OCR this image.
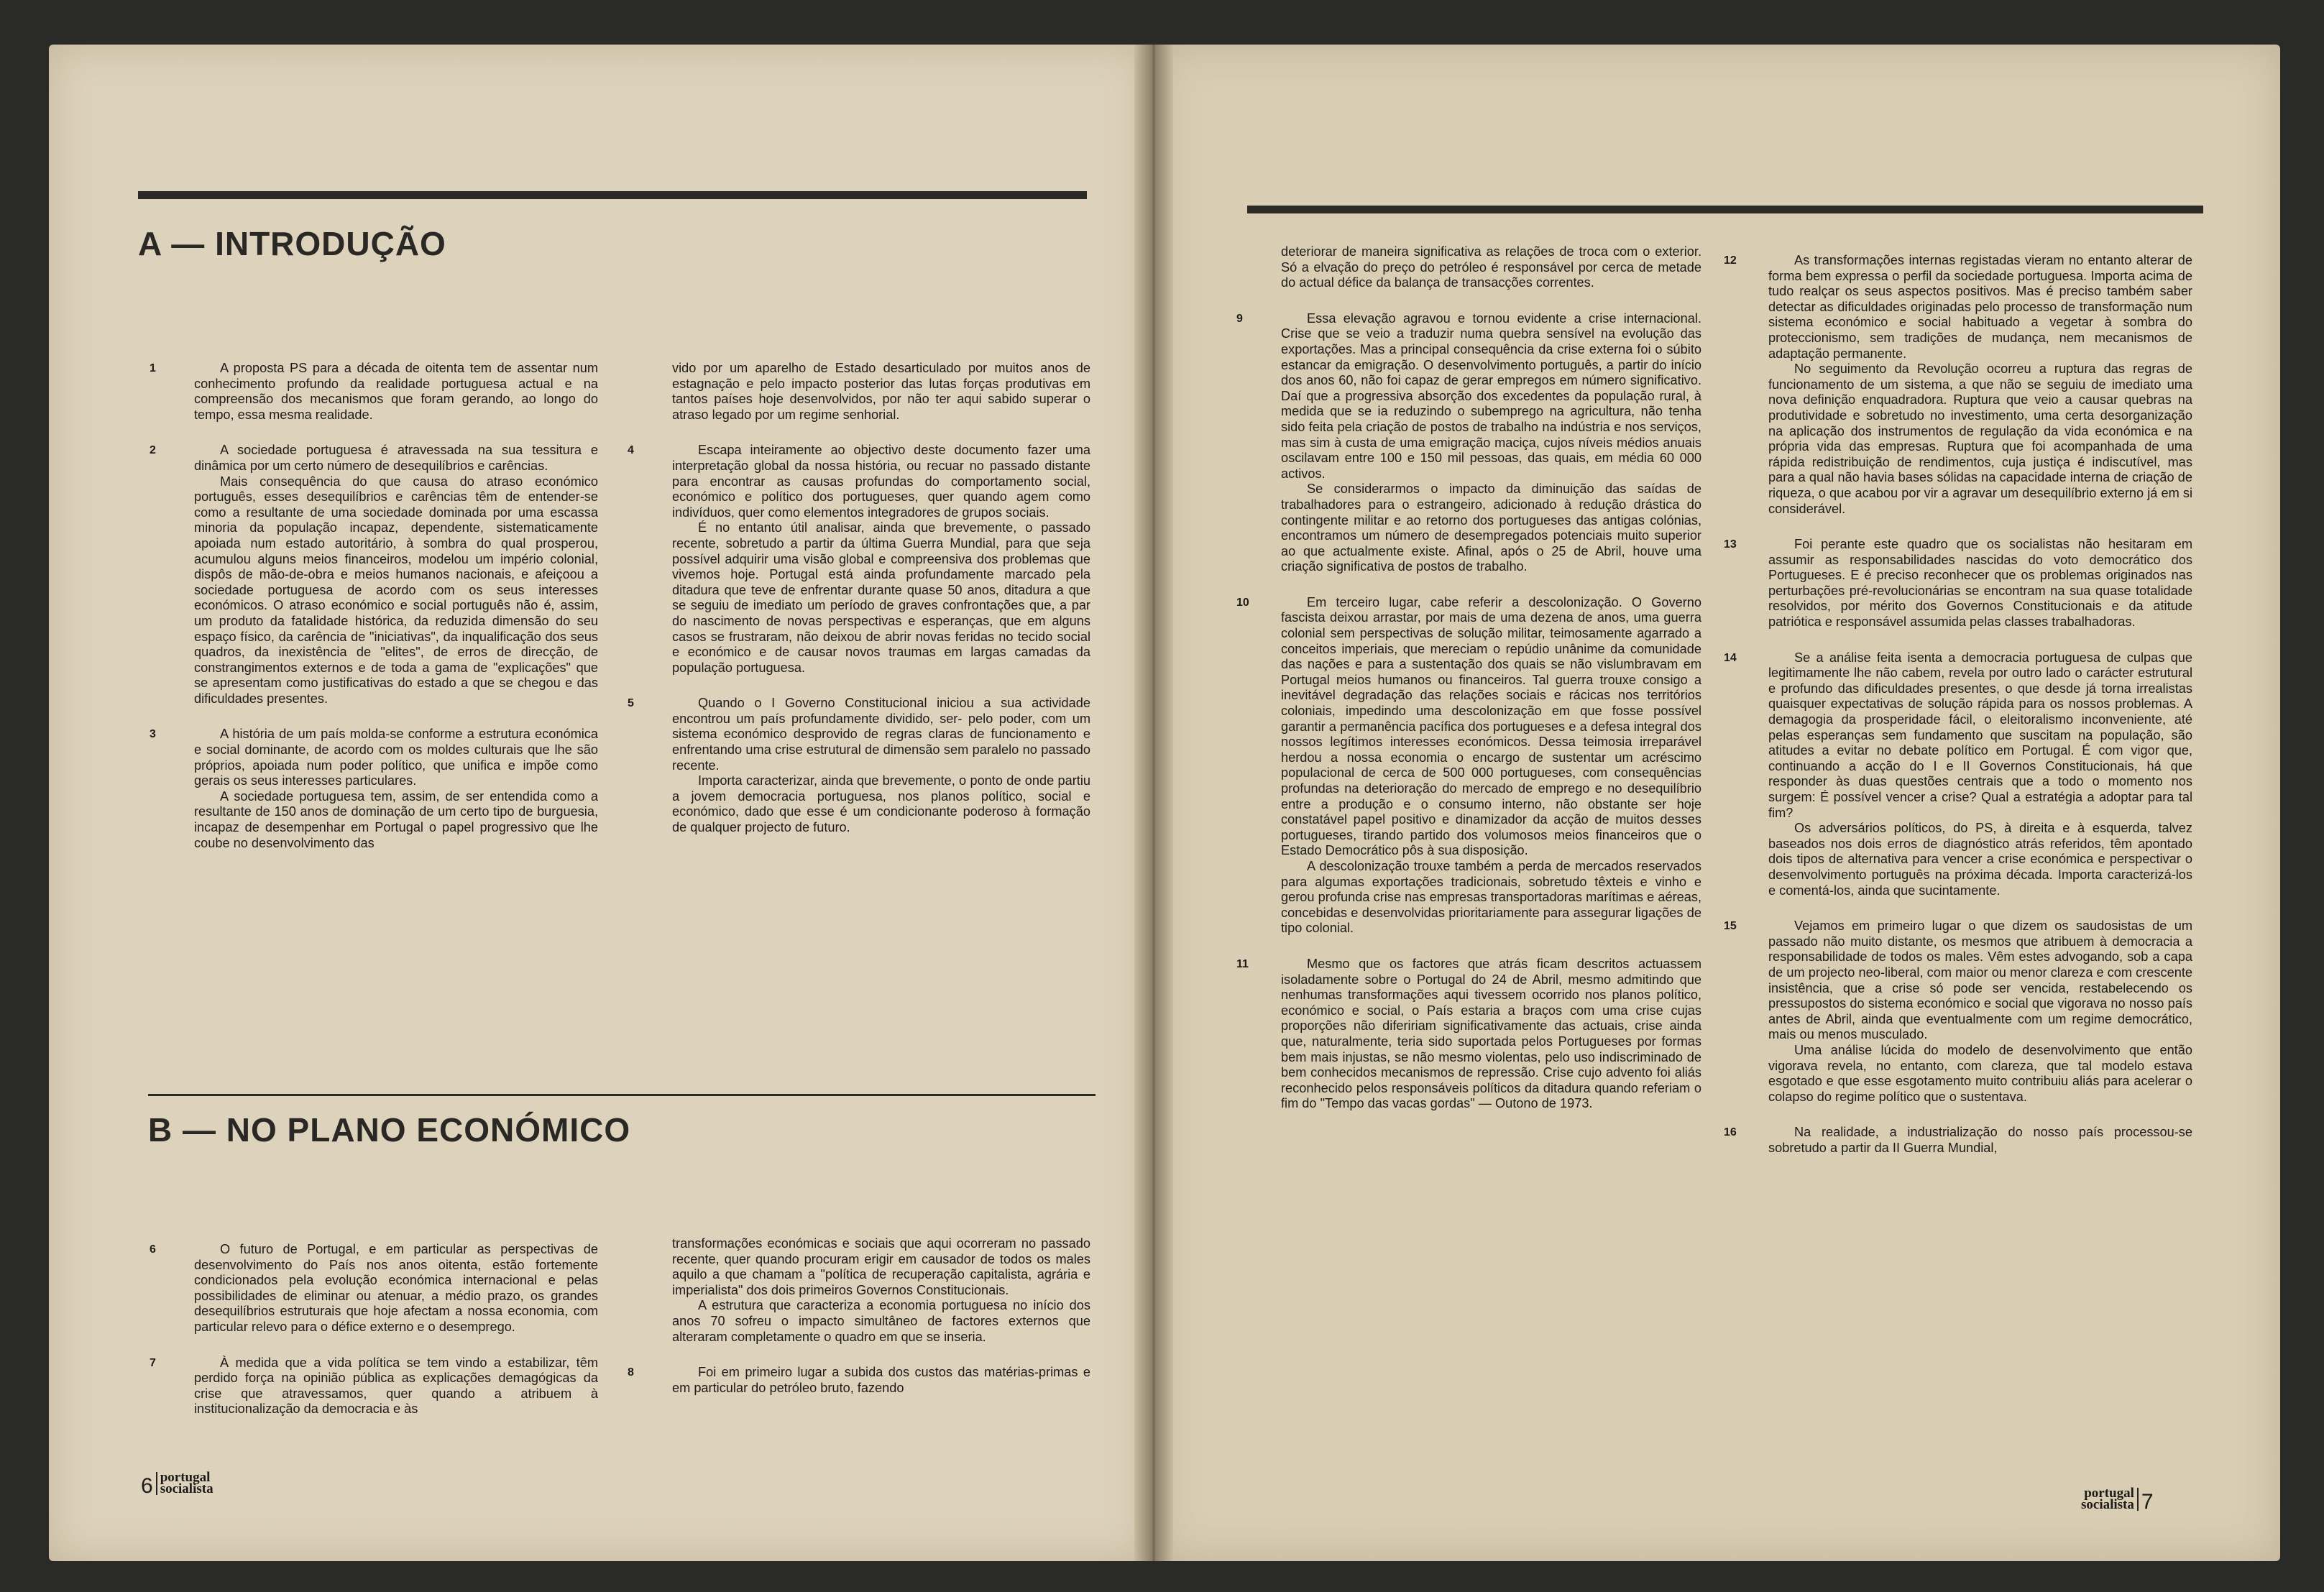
A — INTRODUÇÃO
1	A proposta PS para a década de oitenta tem de assentar num conhecimento profundo da realidade portuguesa actual e na compreensão dos mecanismos que foram gerando, ao longo do tempo, essa mesma realidade.

2	A sociedade portuguesa é atravessada na sua tessitura e dinâmica por um certo número de desequilíbrios e carências.

Mais consequência do que causa do atraso económico português, esses desequilíbrios e carências têm de entender-se como a resultante de uma sociedade dominada por uma escassa minoria da população incapaz, dependente, sistematicamente apoiada num estado autoritário, à sombra do qual prosperou, acumulou alguns meios financeiros, modelou um império colonial, dispôs de mão-de-obra e meios humanos nacionais, e afeiçoou a sociedade portuguesa de acordo com os seus interesses económicos. O atraso económico e social português não é, assim, um produto da fatalidade histórica, da reduzida dimensão do seu espaço físico, da carência de "iniciativas", da inqualificação dos seus quadros, da inexistência de "elites", de erros de direcção, de constrangimentos externos e de toda a gama de "explicações" que se apresentam como justificativas do estado a que se chegou e das dificuldades presentes.

3	A história de um país molda-se conforme a estrutura económica e social dominante, de acordo com os moldes culturais que lhe são próprios, apoiada num poder político, que unifica e impõe como gerais os seus interesses particulares.

A sociedade portuguesa tem, assim, de ser entendida como a resultante de 150 anos de dominação de um certo tipo de burguesia, incapaz de desempenhar em Portugal o papel progressivo que lhe coube no desenvolvimento das

vido por um aparelho de Estado desarticulado por muitos anos de estagnação e pelo impacto posterior das lutas forças produtivas em tantos países hoje desenvolvidos, por não ter aqui sabido superar o atraso legado por um regime senhorial.

4	Escapa inteiramente ao objectivo deste documento fazer uma interpretação global da nossa história, ou recuar no passado distante para encontrar as causas profundas do comportamento social, económico e político dos portugueses, quer quando agem como indivíduos, quer como elementos integradores de grupos sociais.

É no entanto útil analisar, ainda que brevemente, o passado recente, sobretudo a partir da última Guerra Mundial, para que seja possível adquirir uma visão global e compreensiva dos problemas que vivemos hoje. Portugal está ainda profundamente marcado pela ditadura que teve de enfrentar durante quase 50 anos, ditadura a que se seguiu de imediato um período de graves confrontações que, a par do nascimento de novas perspectivas e esperanças, que em alguns casos se frustraram, não deixou de abrir novas feridas no tecido social e económico e de causar novos traumas em largas camadas da população portuguesa.

5	Quando o I Governo Constitucional iniciou a sua actividade encontrou um país profundamente dividido, ser- pelo poder, com um sistema económico desprovido de regras claras de funcionamento e enfrentando uma crise estrutural de dimensão sem paralelo no passado recente.

Importa caracterizar, ainda que brevemente, o ponto de onde partiu a jovem democracia portuguesa, nos planos político, social e económico, dado que esse é um condicionante poderoso à formação de qualquer projecto de futuro.

B — NO PLANO ECONÓMICO
6	O futuro de Portugal, e em particular as perspectivas de desenvolvimento do País nos anos oitenta, estão fortemente condicionados pela evolução económica internacional e pelas possibilidades de eliminar ou atenuar, a médio prazo, os grandes desequilíbrios estruturais que hoje afectam a nossa economia, com particular relevo para o défice externo e o desemprego.

7	À medida que a vida política se tem vindo a estabilizar, têm perdido força na opinião pública as explicações demagógicas da crise que atravessamos, quer quando a atribuem à institucionalização da democracia e às

transformações económicas e sociais que aqui ocorreram no passado recente, quer quando procuram erigir em causador de todos os males aquilo a que chamam a "política de recuperação capitalista, agrária e imperialista" dos dois primeiros Governos Constitucionais.

A estrutura que caracteriza a economia portuguesa no início dos anos 70 sofreu o impacto simultâneo de factores externos que alteraram completamente o quadro em que se inseria.

8	Foi em primeiro lugar a subida dos custos das matérias-primas e em particular do petróleo bruto, fazendo

6 portugal
socialista

deteriorar de maneira significativa as relações de troca com o exterior. Só a elvação do preço do petróleo é responsável por cerca de metade do actual défice da balança de transacções correntes.

9	Essa elevação agravou e tornou evidente a crise internacional. Crise que se veio a traduzir numa quebra sensível na evolução das exportações. Mas a principal consequência da crise externa foi o súbito estancar da emigração. O desenvolvimento português, a partir do início dos anos 60, não foi capaz de gerar empregos em número significativo. Daí que a progressiva absorção dos excedentes da população rural, à medida que se ia reduzindo o subemprego na agricultura, não tenha sido feita pela criação de postos de trabalho na indústria e nos serviços, mas sim à custa de uma emigração maciça, cujos níveis médios anuais oscilavam entre 100 e 150 mil pessoas, das quais, em média 60 000 activos.

Se considerarmos o impacto da diminuição das saídas de trabalhadores para o estrangeiro, adicionado à redução drástica do contingente militar e ao retorno dos portugueses das antigas colónias, encontramos um número de desempregados potenciais muito superior ao que actualmente existe. Afinal, após o 25 de Abril, houve uma criação significativa de postos de trabalho.

10	Em terceiro lugar, cabe referir a descolonização. O Governo fascista deixou arrastar, por mais de uma dezena de anos, uma guerra colonial sem perspectivas de solução militar, teimosamente agarrado a conceitos imperiais, que mereciam o repúdio unânime da comunidade das nações e para a sustentação dos quais se não vislumbravam em Portugal meios humanos ou financeiros. Tal guerra trouxe consigo a inevitável degradação das relações sociais e rácicas nos territórios coloniais, impedindo uma descolonização em que fosse possível garantir a permanência pacífica dos portugueses e a defesa integral dos nossos legítimos interesses económicos. Dessa teimosia irreparável herdou a nossa economia o encargo de sustentar um acréscimo populacional de cerca de 500 000 portugueses, com consequências profundas na deterioração do mercado de emprego e no desequilíbrio entre a produção e o consumo interno, não obstante ser hoje constatável papel positivo e dinamizador da acção de muitos desses portugueses, tirando partido dos volumosos meios financeiros que o Estado Democrático pôs à sua disposição.

A descolonização trouxe também a perda de mercados reservados para algumas exportações tradicionais, sobretudo têxteis e vinho e gerou profunda crise nas empresas transportadoras marítimas e aéreas, concebidas e desenvolvidas prioritariamente para assegurar ligações de tipo colonial.

11	Mesmo que os factores que atrás ficam descritos actuassem isoladamente sobre o Portugal do 24 de Abril, mesmo admitindo que nenhumas transformações aqui tivessem ocorrido nos planos político, económico e social, o País estaria a braços com uma crise cujas proporções não difeririam significativamente das actuais, crise ainda que, naturalmente, teria sido suportada pelos Portugueses por formas bem mais injustas, se não mesmo violentas, pelo uso indiscriminado de bem conhecidos mecanismos de repressão. Crise cujo advento foi aliás reconhecido pelos responsáveis políticos da ditadura quando referiam o fim do "Tempo das vacas gordas" — Outono de 1973.

12	As transformações internas registadas vieram no entanto alterar de forma bem expressa o perfil da sociedade portuguesa. Importa acima de tudo realçar os seus aspectos positivos. Mas é preciso também saber detectar as dificuldades originadas pelo processo de transformação num sistema económico e social habituado a vegetar à sombra do proteccionismo, sem tradições de mudança, nem mecanismos de adaptação permanente.

No seguimento da Revolução ocorreu a ruptura das regras de funcionamento de um sistema, a que não se seguiu de imediato uma nova definição enquadradora. Ruptura que veio a causar quebras na produtividade e sobretudo no investimento, uma certa desorganização na aplicação dos instrumentos de regulação da vida económica e na própria vida das empresas. Ruptura que foi acompanhada de uma rápida redistribuição de rendimentos, cuja justiça é indiscutível, mas para a qual não havia bases sólidas na capacidade interna de criação de riqueza, o que acabou por vir a agravar um desequilíbrio externo já em si considerável.

13	Foi perante este quadro que os socialistas não hesitaram em assumir as responsabilidades nascidas do voto democrático dos Portugueses. E é preciso reconhecer que os problemas originados nas perturbações pré-revolucionárias se encontram na sua quase totalidade resolvidos, por mérito dos Governos Constitucionais e da atitude patriótica e responsável assumida pelas classes trabalhadoras.

14	Se a análise feita isenta a democracia portuguesa de culpas que legitimamente lhe não cabem, revela por outro lado o carácter estrutural e profundo das dificuldades presentes, o que desde já torna irrealistas quaisquer expectativas de solução rápida para os nossos problemas. A demagogia da prosperidade fácil, o eleitoralismo inconveniente, até pelas esperanças sem fundamento que suscitam na população, são atitudes a evitar no debate político em Portugal. É com vigor que, continuando a acção do I e II Governos Constitucionais, há que responder às duas questões centrais que a todo o momento nos surgem: É possível vencer a crise? Qual a estratégia a adoptar para tal fim?

Os adversários políticos, do PS, à direita e à esquerda, talvez baseados nos dois erros de diagnóstico atrás referidos, têm apontado dois tipos de alternativa para vencer a crise económica e perspectivar o desenvolvimento português na próxima década. Importa caracterizá-los e comentá-los, ainda que sucintamente.

15	Vejamos em primeiro lugar o que dizem os saudosistas de um passado não muito distante, os mesmos que atribuem à democracia a responsabilidade de todos os males. Vêm estes advogando, sob a capa de um projecto neo-liberal, com maior ou menor clareza e com crescente insistência, que a crise só pode ser vencida, restabelecendo os pressupostos do sistema económico e social que vigorava no nosso país antes de Abril, ainda que eventualmente com um regime democrático, mais ou menos musculado.

Uma análise lúcida do modelo de desenvolvimento que então vigorava revela, no entanto, com clareza, que tal modelo estava esgotado e que esse esgotamento muito contribuiu aliás para acelerar o colapso do regime político que o sustentava.

16	Na realidade, a industrialização do nosso país processou-se sobretudo a partir da II Guerra Mundial,

portugal
socialista 7
